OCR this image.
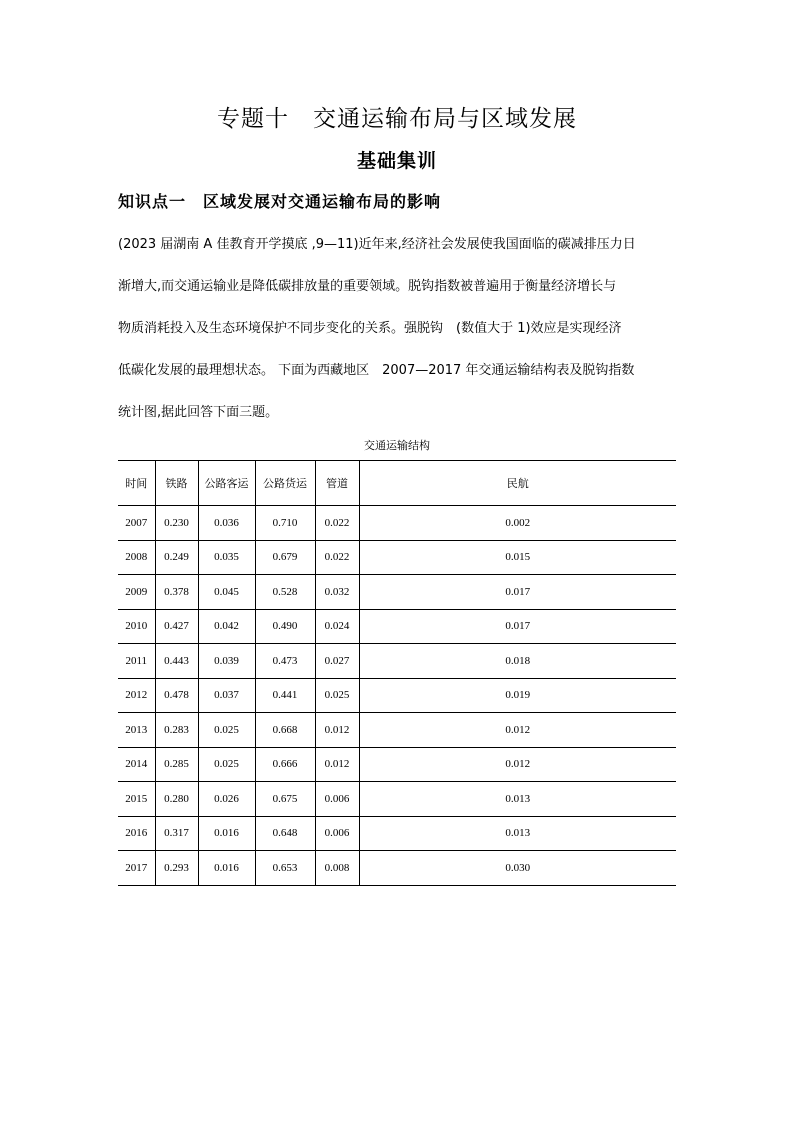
专题十　交通运输布局与区域发展
基础集训
知识点一　区域发展对交通运输布局的影响
(2023 届湖南 A 佳教育开学摸底 ,9—11)近年来,经济社会发展使我国面临的碳减排压力日
渐增大,而交通运输业是降低碳排放量的重要领域。脱钩指数被普遍用于衡量经济增长与
物质消耗投入及生态环境保护不同步变化的关系。强脱钩　(数值大于 1)效应是实现经济
低碳化发展的最理想状态。 下面为西藏地区　2007—2017 年交通运输结构表及脱钩指数
统计图,据此回答下面三题。
交通运输结构
时间	铁路	公路客运	公路货运	管道	民航
2007	0.230	0.036	0.710	0.022	0.002
2008	0.249	0.035	0.679	0.022	0.015
2009	0.378	0.045	0.528	0.032	0.017
2010	0.427	0.042	0.490	0.024	0.017
2011	0.443	0.039	0.473	0.027	0.018
2012	0.478	0.037	0.441	0.025	0.019
2013	0.283	0.025	0.668	0.012	0.012
2014	0.285	0.025	0.666	0.012	0.012
2015	0.280	0.026	0.675	0.006	0.013
2016	0.317	0.016	0.648	0.006	0.013
2017	0.293	0.016	0.653	0.008	0.030
